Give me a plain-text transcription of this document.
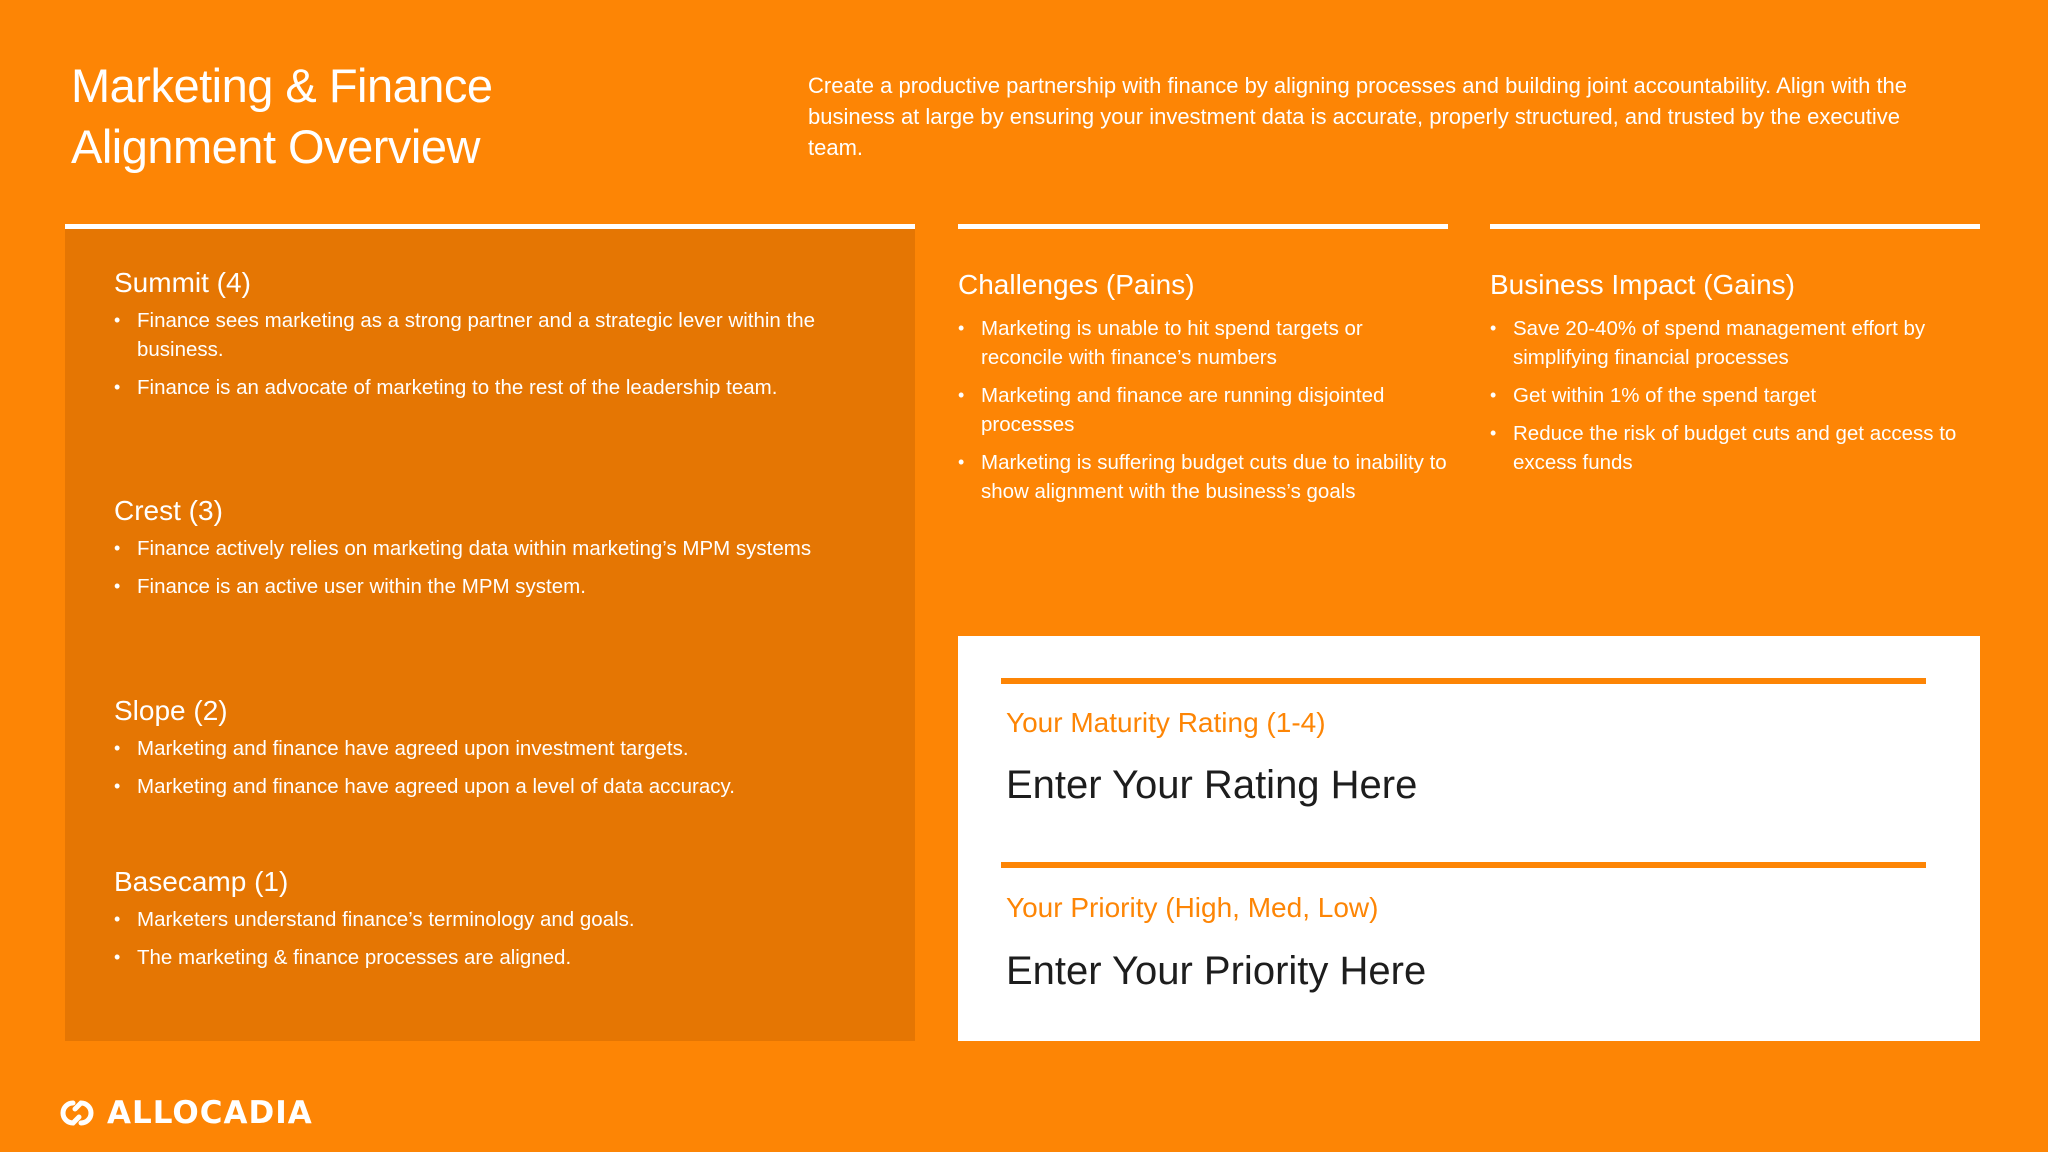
Marketing & Finance
Alignment Overview

Create a productive partnership with finance by aligning processes and building joint accountability. Align with the business at large by ensuring your investment data is accurate, properly structured, and trusted by the executive team.

Summit (4)
• Finance sees marketing as a strong partner and a strategic lever within the business.
• Finance is an advocate of marketing to the rest of the leadership team.
Crest (3)
• Finance actively relies on marketing data within marketing’s MPM systems
• Finance is an active user within the MPM system.
Slope (2)
• Marketing and finance have agreed upon investment targets.
• Marketing and finance have agreed upon a level of data accuracy.
Basecamp (1)
• Marketers understand finance’s terminology and goals.
• The marketing & finance processes are aligned.
Challenges (Pains)
• Marketing is unable to hit spend targets or reconcile with finance’s numbers
• Marketing and finance are running disjointed processes
• Marketing is suffering budget cuts due to inability to show alignment with the business’s goals
Business Impact (Gains)
• Save 20-40% of spend management effort by simplifying financial processes
• Get within 1% of the spend target
• Reduce the risk of budget cuts and get access to excess funds

Your Maturity Rating (1-4)

Enter Your Rating Here

Your Priority (High, Med, Low)

Enter Your Priority Here
ALLOCADIA
